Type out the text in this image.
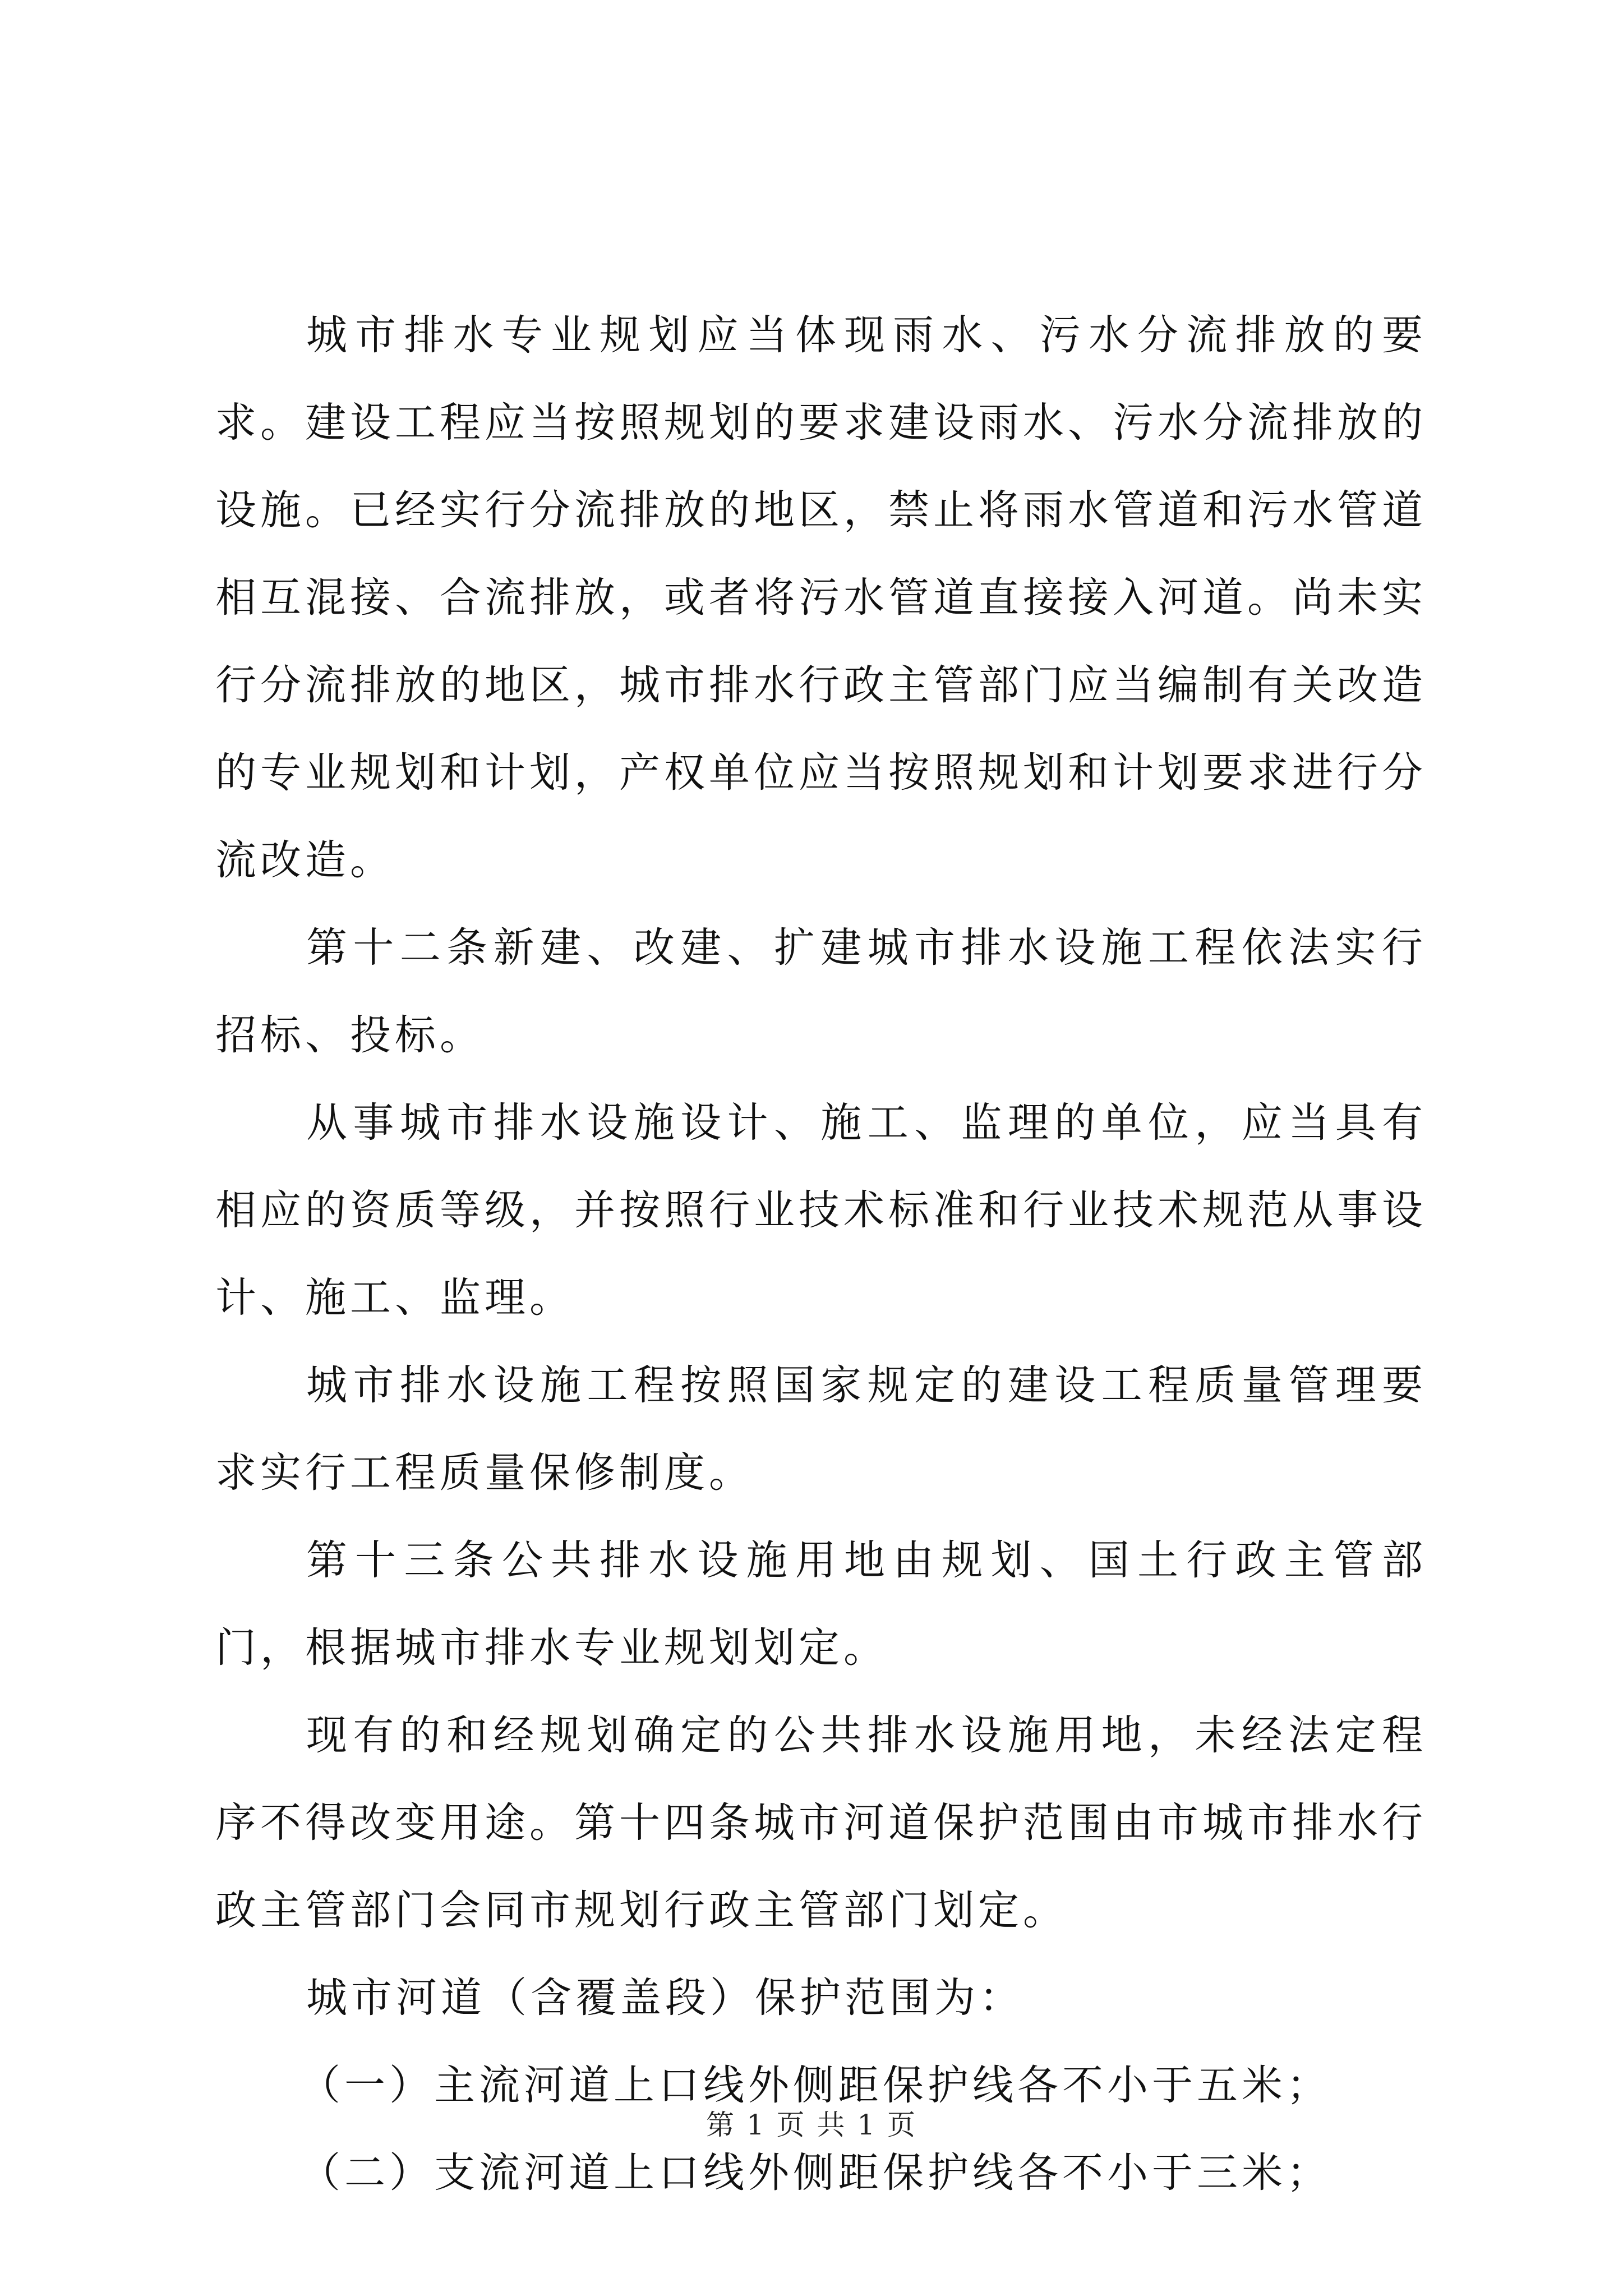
城市排水专业规划应当体现雨水、污水分流排放的要求。建设工程应当按照规划的要求建设雨水、污水分流排放的设施。已经实行分流排放的地区，禁止将雨水管道和污水管道相互混接、合流排放，或者将污水管道直接接入河道。尚未实行分流排放的地区，城市排水行政主管部门应当编制有关改造的专业规划和计划，产权单位应当按照规划和计划要求进行分流改造。

第十二条新建、改建、扩建城市排水设施工程依法实行招标、投标。

从事城市排水设施设计、施工、监理的单位，应当具有相应的资质等级，并按照行业技术标准和行业技术规范从事设计、施工、监理。

城市排水设施工程按照国家规定的建设工程质量管理要求实行工程质量保修制度。

第十三条公共排水设施用地由规划、国土行政主管部门，根据城市排水专业规划划定。

现有的和经规划确定的公共排水设施用地，未经法定程序不得改变用途。第十四条城市河道保护范围由市城市排水行政主管部门会同市规划行政主管部门划定。

城市河道（含覆盖段）保护范围为：

（一）主流河道上口线外侧距保护线各不小于五米；

（二）支流河道上口线外侧距保护线各不小于三米；

第 1 页 共 1 页
